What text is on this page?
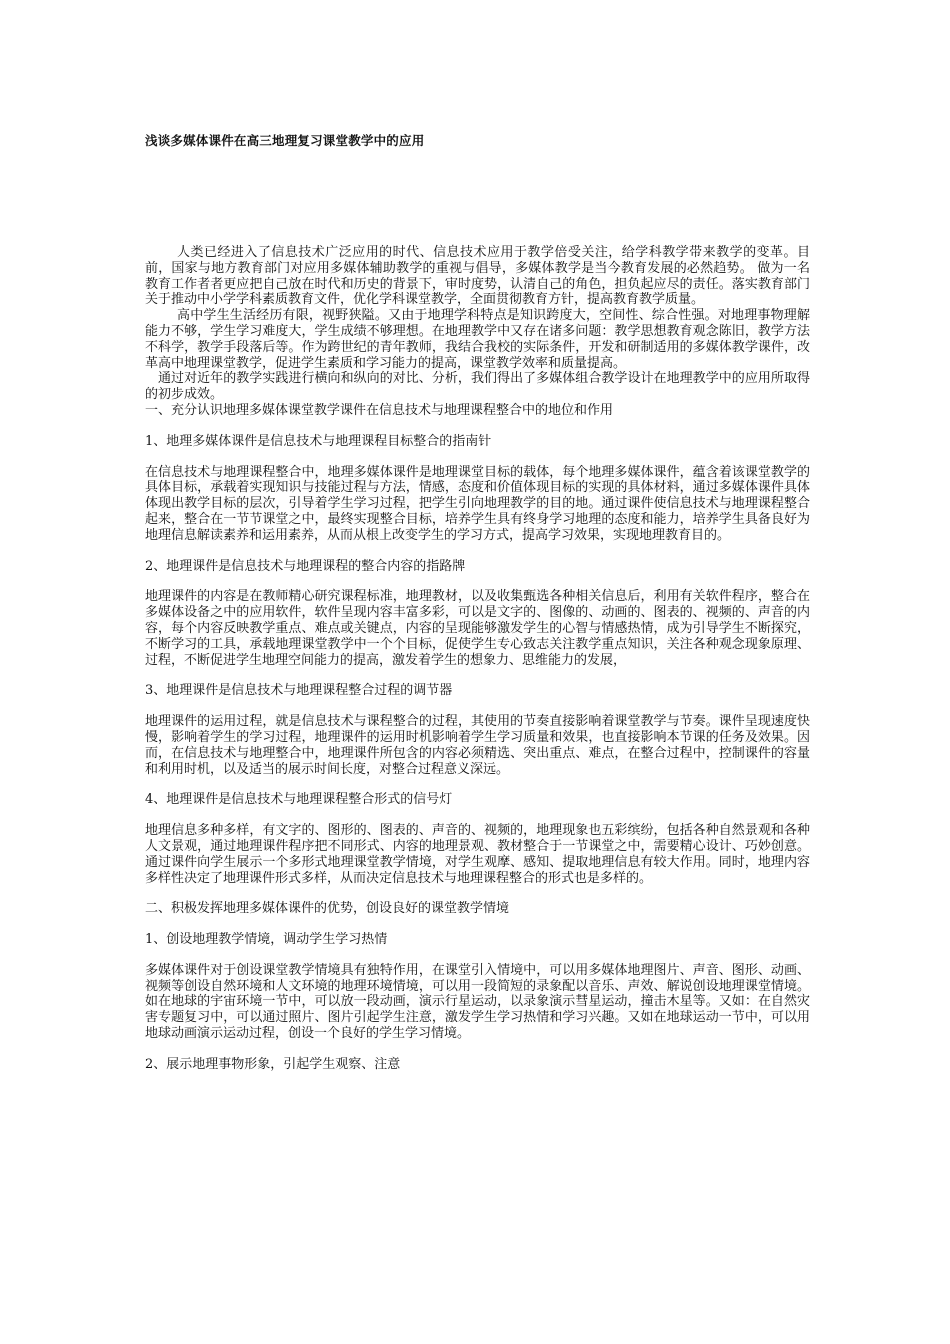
浅谈多媒体课件在高三地理复习课堂教学中的应用

人类已经进入了信息技术广泛应用的时代、信息技术应用于教学倍受关注，给学科教学带来教学的变革。目前，国家与地方教育部门对应用多媒体辅助教学的重视与倡导，多媒体教学是当今教育发展的必然趋势。 做为一名教育工作者者更应把自己放在时代和历史的背景下，审时度势，认清自己的角色，担负起应尽的责任。落实教育部门关于推动中小学学科素质教育文件，优化学科课堂教学，全面贯彻教育方针，提高教育教学质量。

高中学生生活经历有限，视野狭隘。又由于地理学科特点是知识跨度大，空间性、综合性强。对地理事物理解能力不够，学生学习难度大，学生成绩不够理想。在地理教学中又存在诸多问题：教学思想教育观念陈旧，教学方法不科学，教学手段落后等。作为跨世纪的青年教师，我结合我校的实际条件，开发和研制适用的多媒体教学课件，改革高中地理课堂教学，促进学生素质和学习能力的提高，课堂教学效率和质量提高。

通过对近年的教学实践进行横向和纵向的对比、分析，我们得出了多媒体组合教学设计在地理教学中的应用所取得的初步成效。

一、充分认识地理多媒体课堂教学课件在信息技术与地理课程整合中的地位和作用

1、地理多媒体课件是信息技术与地理课程目标整合的指南针

在信息技术与地理课程整合中，地理多媒体课件是地理课堂目标的载体，每个地理多媒体课件，蕴含着该课堂教学的具体目标，承载着实现知识与技能过程与方法，情感，态度和价值体现目标的实现的具体材料，通过多媒体课件具体体现出教学目标的层次，引导着学生学习过程，把学生引向地理教学的目的地。通过课件使信息技术与地理课程整合起来，整合在一节节课堂之中，最终实现整合目标，培养学生具有终身学习地理的态度和能力，培养学生具备良好为地理信息解读素养和运用素养，从而从根上改变学生的学习方式，提高学习效果，实现地理教育目的。

2、地理课件是信息技术与地理课程的整合内容的指路牌

地理课件的内容是在教师精心研究课程标准，地理教材，以及收集甄选各种相关信息后，利用有关软件程序，整合在多媒体设备之中的应用软件，软件呈现内容丰富多彩，可以是文字的、图像的、动画的、图表的、视频的、声音的内容，每个内容反映教学重点、难点或关键点，内容的呈现能够激发学生的心智与情感热情，成为引导学生不断探究，不断学习的工具，承载地理课堂教学中一个个目标，促使学生专心致志关注教学重点知识，关注各种观念现象原理、过程，不断促进学生地理空间能力的提高，激发着学生的想象力、思维能力的发展，

3、地理课件是信息技术与地理课程整合过程的调节器

地理课件的运用过程，就是信息技术与课程整合的过程，其使用的节奏直接影响着课堂教学与节奏。课件呈现速度快慢，影响着学生的学习过程，地理课件的运用时机影响着学生学习质量和效果，也直接影响本节课的任务及效果。因而，在信息技术与地理整合中，地理课件所包含的内容必须精选、突出重点、难点，在整合过程中，控制课件的容量和利用时机，以及适当的展示时间长度，对整合过程意义深远。

4、地理课件是信息技术与地理课程整合形式的信号灯

地理信息多种多样，有文字的、图形的、图表的、声音的、视频的，地理现象也五彩缤纷，包括各种自然景观和各种人文景观，通过地理课件程序把不同形式、内容的地理景观、教材整合于一节课堂之中，需要精心设计、巧妙创意。通过课件向学生展示一个多形式地理课堂教学情境，对学生观摩、感知、提取地理信息有较大作用。同时，地理内容多样性决定了地理课件形式多样，从而决定信息技术与地理课程整合的形式也是多样的。

二、积极发挥地理多媒体课件的优势，创设良好的课堂教学情境

1、创设地理教学情境，调动学生学习热情

多媒体课件对于创设课堂教学情境具有独特作用，在课堂引入情境中，可以用多媒体地理图片、声音、图形、动画、视频等创设自然环境和人文环境的地理环境情境，可以用一段简短的录象配以音乐、声效、解说创设地理课堂情境。如在地球的宇宙环境一节中，可以放一段动画，演示行星运动，以录象演示彗星运动，撞击木星等。又如：在自然灾害专题复习中，可以通过照片、图片引起学生注意，激发学生学习热情和学习兴趣。又如在地球运动一节中，可以用地球动画演示运动过程，创设一个良好的学生学习情境。

2、展示地理事物形象，引起学生观察、注意
